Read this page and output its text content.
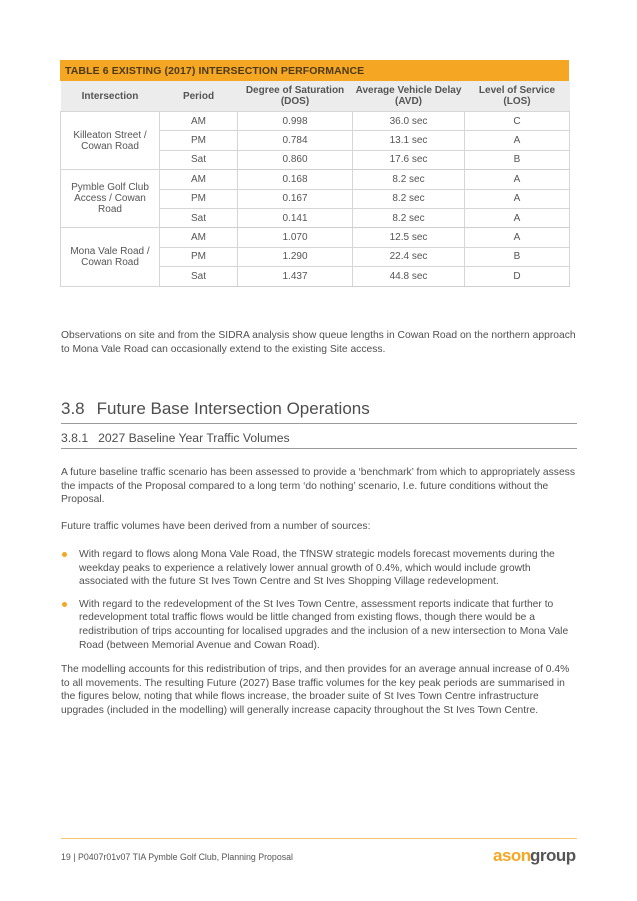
TABLE 6 EXISTING (2017) INTERSECTION PERFORMANCE
Intersection	Period	Degree of Saturation (DOS)	Average Vehicle Delay (AVD)	Level of Service (LOS)
Killeaton Street / Cowan Road	AM	0.998	36.0 sec	C
	PM	0.784	13.1 sec	A
	Sat	0.860	17.6 sec	B
Pymble Golf Club Access / Cowan Road	AM	0.168	8.2 sec	A
	PM	0.167	8.2 sec	A
	Sat	0.141	8.2 sec	A
Mona Vale Road / Cowan Road	AM	1.070	12.5 sec	A
	PM	1.290	22.4 sec	B
	Sat	1.437	44.8 sec	D

Observations on site and from the SIDRA analysis show queue lengths in Cowan Road on the northern approach to Mona Vale Road can occasionally extend to the existing Site access.

3.8 Future Base Intersection Operations
3.8.1 2027 Baseline Year Traffic Volumes

A future baseline traffic scenario has been assessed to provide a ‘benchmark’ from which to appropriately assess the impacts of the Proposal compared to a long term ‘do nothing’ scenario, I.e. future conditions without the Proposal.

Future traffic volumes have been derived from a number of sources:

With regard to flows along Mona Vale Road, the TfNSW strategic models forecast movements during the weekday peaks to experience a relatively lower annual growth of 0.4%, which would include growth associated with the future St Ives Town Centre and St Ives Shopping Village redevelopment.
With regard to the redevelopment of the St Ives Town Centre, assessment reports indicate that further to redevelopment total traffic flows would be little changed from existing flows, though there would be a redistribution of trips accounting for localised upgrades and the inclusion of a new intersection to Mona Vale Road (between Memorial Avenue and Cowan Road).

The modelling accounts for this redistribution of trips, and then provides for an average annual increase of 0.4% to all movements. The resulting Future (2027) Base traffic volumes for the key peak periods are summarised in the figures below, noting that while flows increase, the broader suite of St Ives Town Centre infrastructure upgrades (included in the modelling) will generally increase capacity throughout the St Ives Town Centre.

19 | P0407r01v07 TIA Pymble Golf Club, Planning Proposal	ason group
